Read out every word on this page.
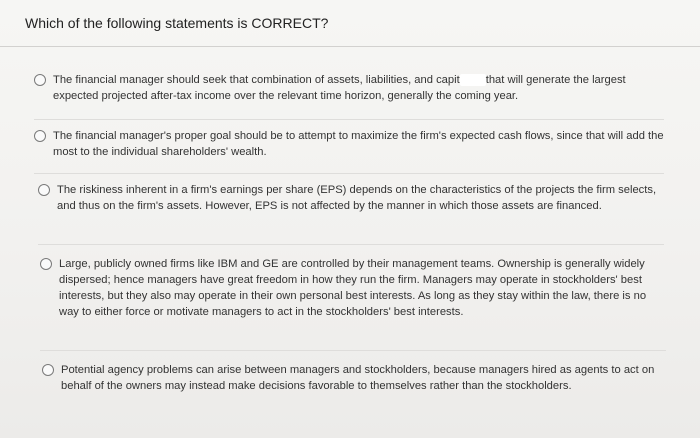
Which of the following statements is CORRECT?
The financial manager should seek that combination of assets, liabilities, and capit that will generate the largest expected projected after-tax income over the relevant time horizon, generally the coming year.
The financial manager's proper goal should be to attempt to maximize the firm's expected cash flows, since that will add the most to the individual shareholders' wealth.
The riskiness inherent in a firm's earnings per share (EPS) depends on the characteristics of the projects the firm selects, and thus on the firm's assets. However, EPS is not affected by the manner in which those assets are financed.
Large, publicly owned firms like IBM and GE are controlled by their management teams. Ownership is generally widely dispersed; hence managers have great freedom in how they run the firm. Managers may operate in stockholders' best interests, but they also may operate in their own personal best interests. As long as they stay within the law, there is no way to either force or motivate managers to act in the stockholders' best interests.
Potential agency problems can arise between managers and stockholders, because managers hired as agents to act on behalf of the owners may instead make decisions favorable to themselves rather than the stockholders.
